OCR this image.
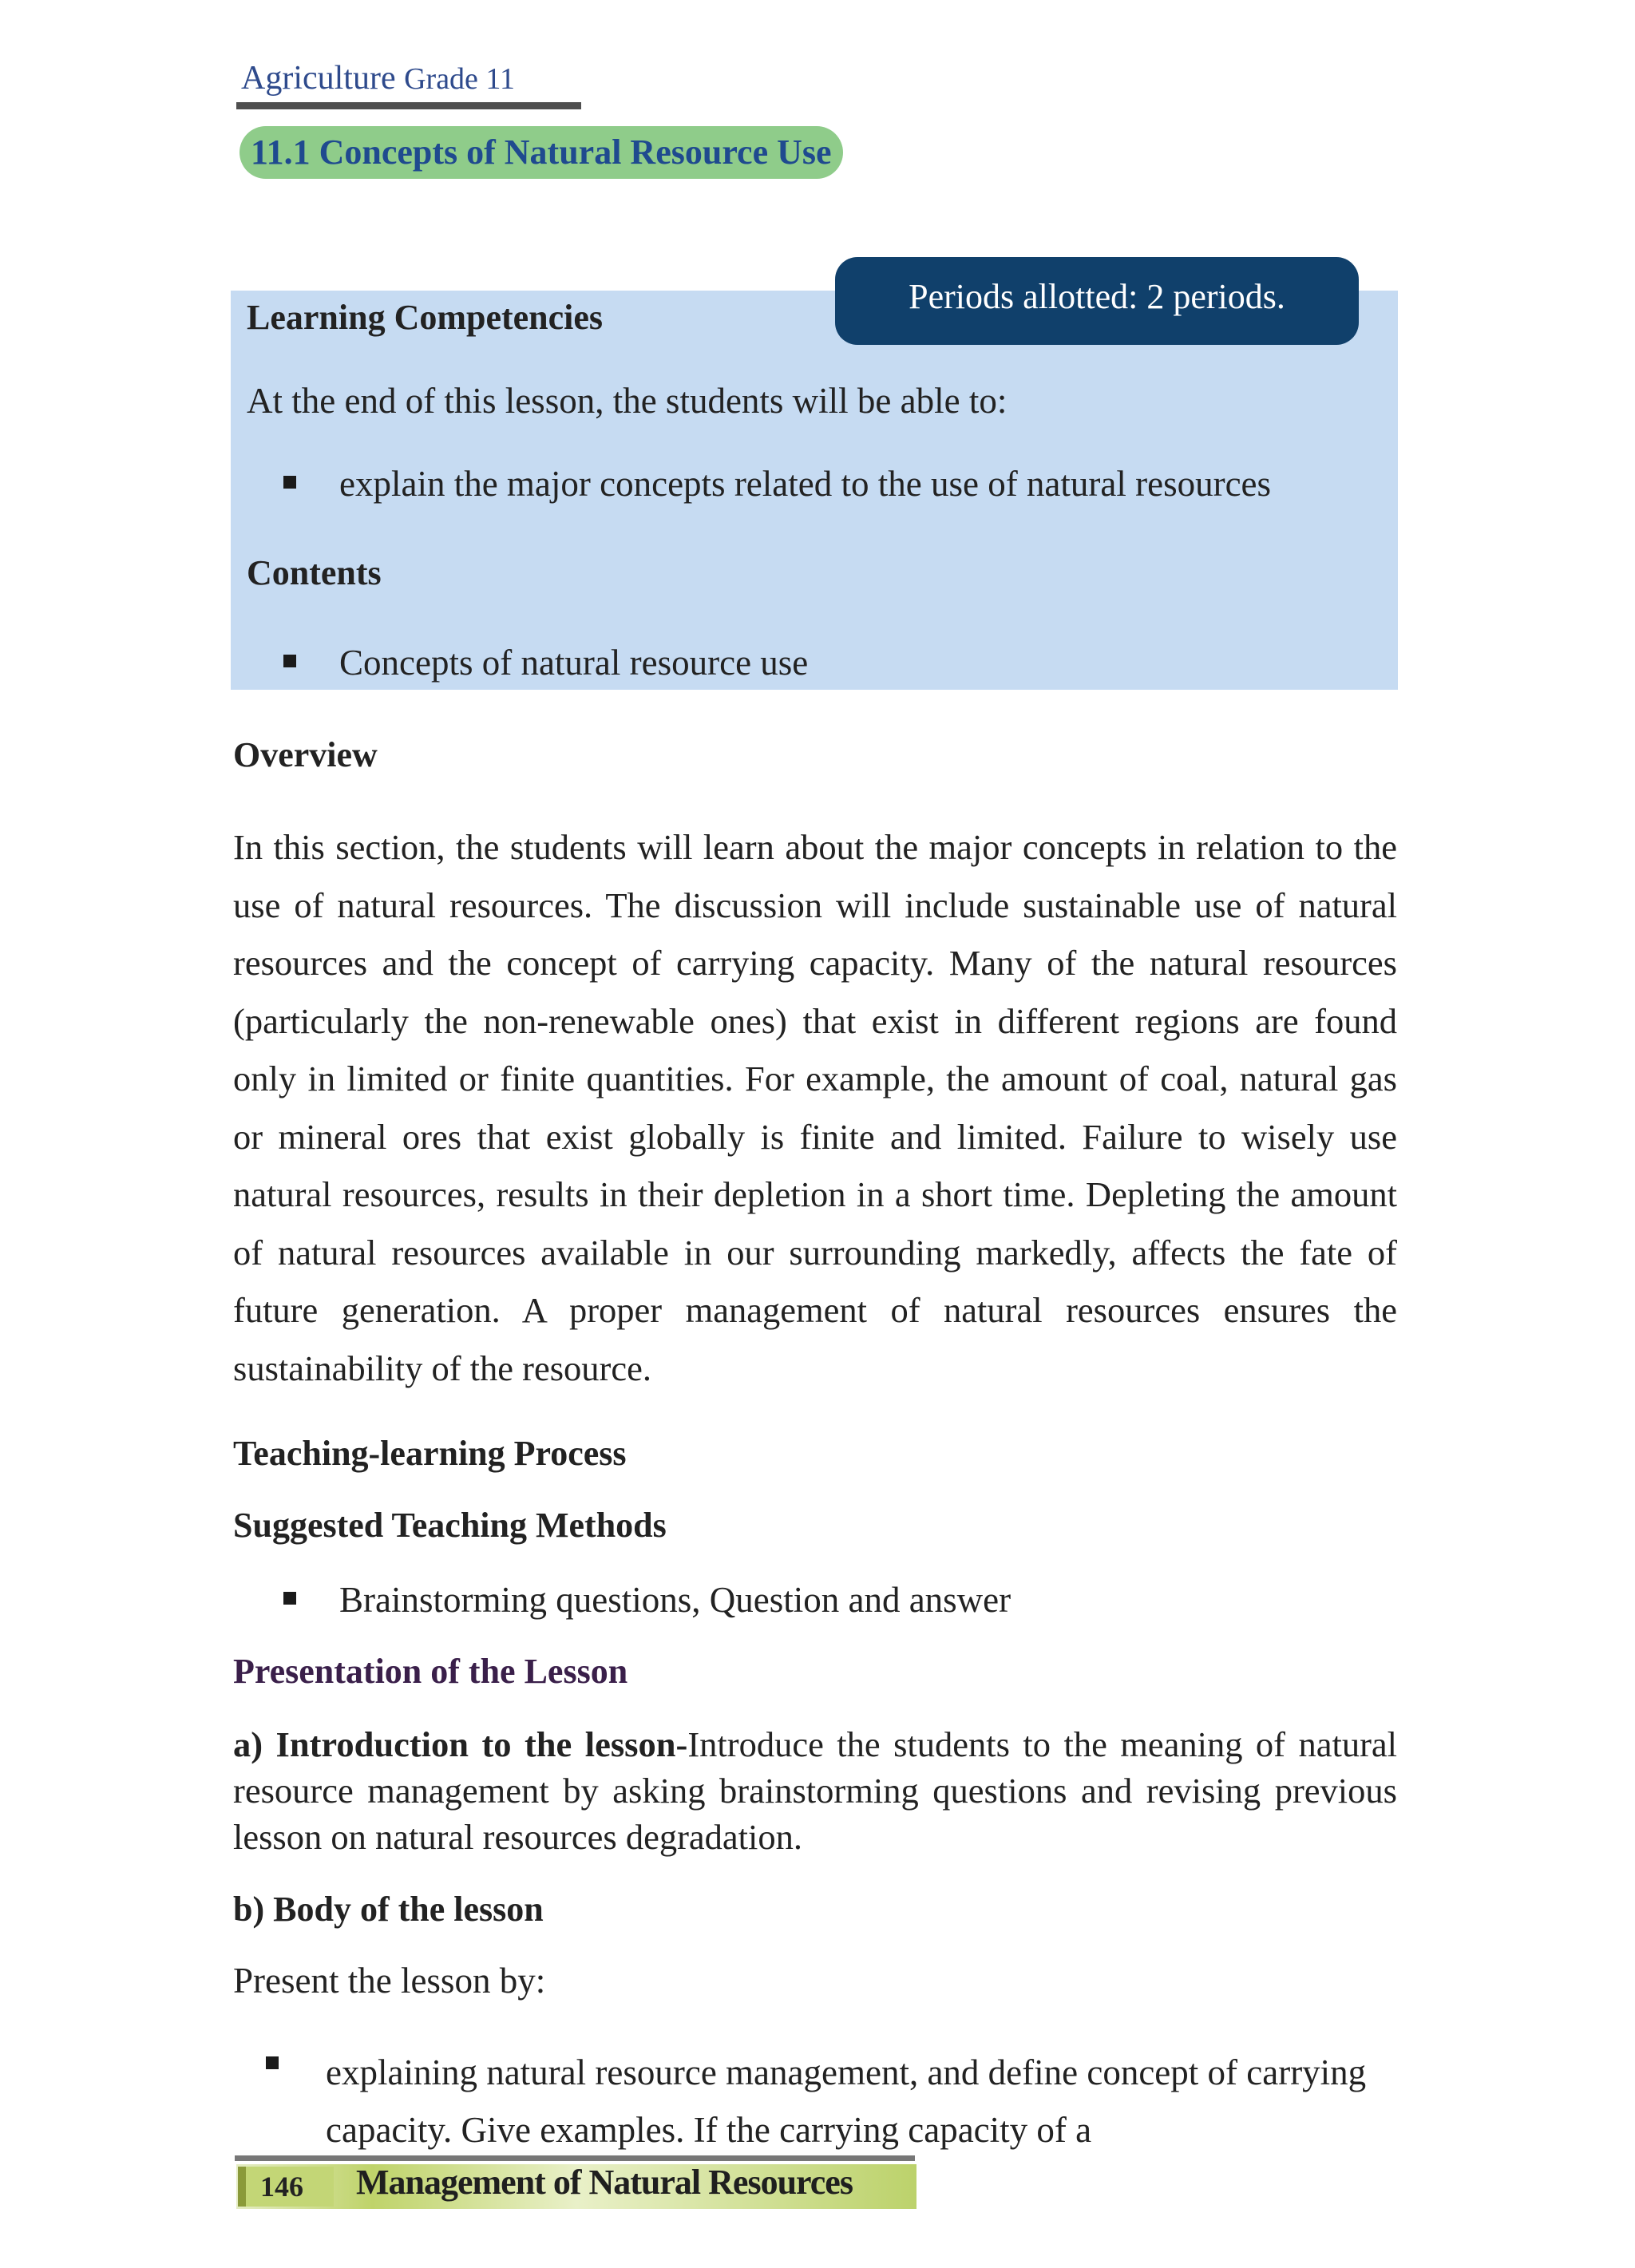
Agriculture Grade 11
11.1 Concepts of Natural Resource Use
Periods allotted: 2 periods.
Learning Competencies
At the end of this lesson, the students will be able to:
explain the major concepts related to the use of natural resources
Contents
Concepts of natural resource use
Overview

In this section, the students will learn about the major concepts in relation to the use of natural resources. The discussion will include sustainable use of natural resources and the concept of carrying capacity. Many of the natural resources (particularly the non-renewable ones) that exist in different regions are found only in limited or finite quantities. For example, the amount of coal, natural gas or mineral ores that exist globally is finite and limited. Failure to wisely use natural resources, results in their depletion in a short time. Depleting the amount of natural resources available in our surrounding markedly, affects the fate of future generation. A proper management of natural resources ensures the sustainability of the resource.

Teaching-learning Process
Suggested Teaching Methods
Brainstorming questions, Question and answer
Presentation of the Lesson

a) Introduction to the lesson-Introduce the students to the meaning of natural resource management by asking brainstorming questions and revising previous lesson on natural resources degradation.

b) Body of the lesson
Present the lesson by:

explaining natural resource management, and define concept of carrying capacity. Give examples. If the carrying capacity of a

146 Management of Natural Resources
